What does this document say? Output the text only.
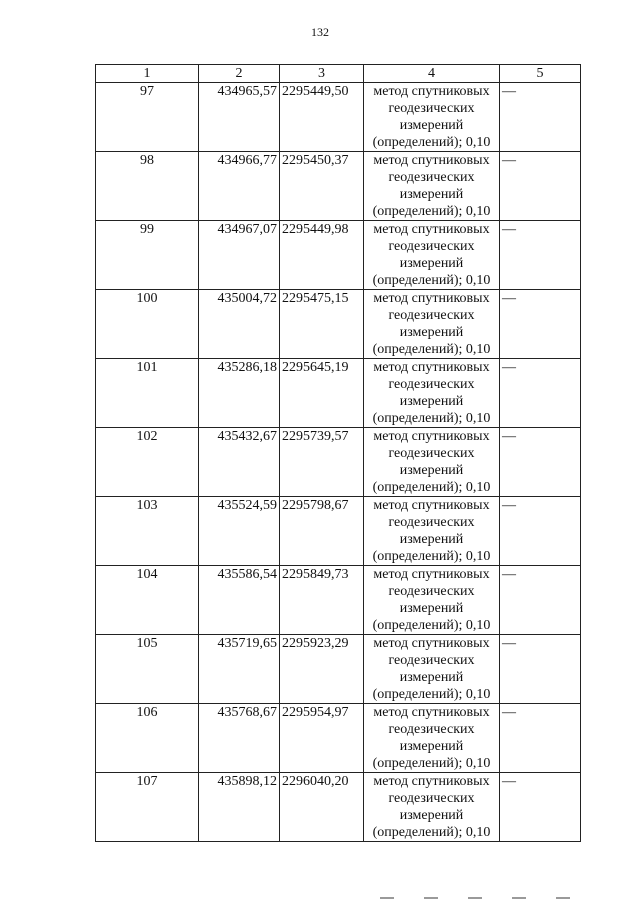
132
1	2	3	4	5
97	434965,57	2295449,50	метод спутниковых геодезических измерений (определений); 0,10	—
98	434966,77	2295450,37	метод спутниковых геодезических измерений (определений); 0,10	—
99	434967,07	2295449,98	метод спутниковых геодезических измерений (определений); 0,10	—
100	435004,72	2295475,15	метод спутниковых геодезических измерений (определений); 0,10	—
101	435286,18	2295645,19	метод спутниковых геодезических измерений (определений); 0,10	—
102	435432,67	2295739,57	метод спутниковых геодезических измерений (определений); 0,10	—
103	435524,59	2295798,67	метод спутниковых геодезических измерений (определений); 0,10	—
104	435586,54	2295849,73	метод спутниковых геодезических измерений (определений); 0,10	—
105	435719,65	2295923,29	метод спутниковых геодезических измерений (определений); 0,10	—
106	435768,67	2295954,97	метод спутниковых геодезических измерений (определений); 0,10	—
107	435898,12	2296040,20	метод спутниковых геодезических измерений (определений); 0,10	—
